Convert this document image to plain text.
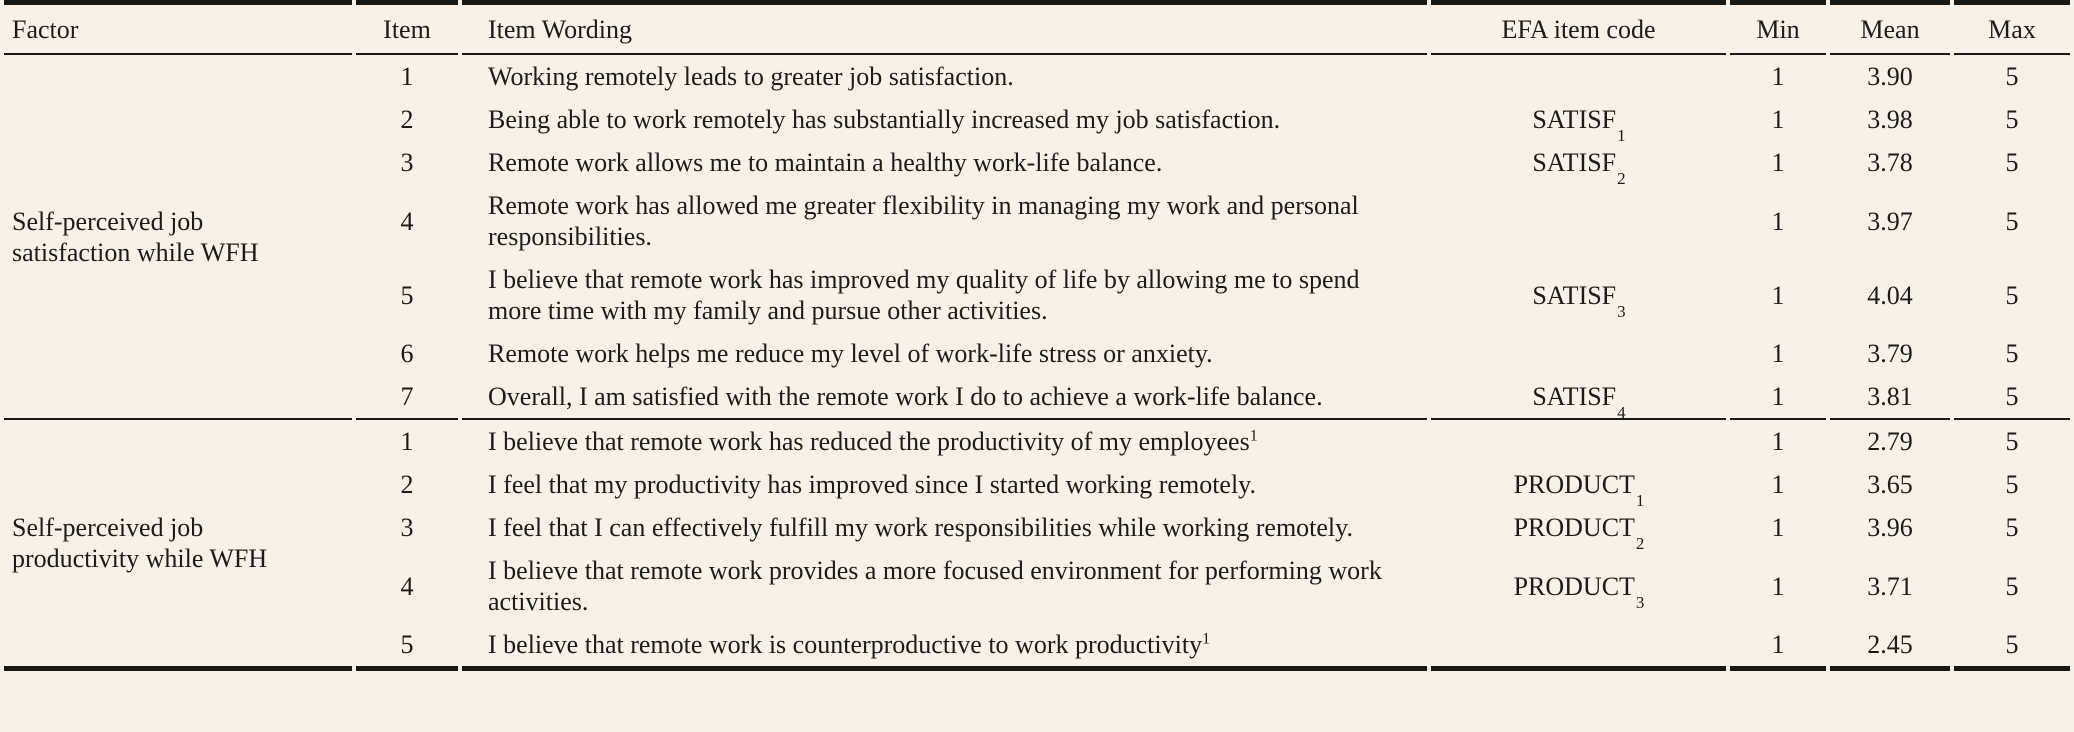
Factor	Item	Item Wording	EFA item code	Min	Mean	Max
Self-perceived job satisfaction while WFH	1	Working remotely leads to greater job satisfaction.		1	3.90	5
	2	Being able to work remotely has substantially increased my job satisfaction.	$SATISF_1$	1	3.98	5
	3	Remote work allows me to maintain a healthy work-life balance.	$SATISF_2$	1	3.78	5
	4	Remote work has allowed me greater flexibility in managing my work and personal responsibilities.		1	3.97	5
	5	I believe that remote work has improved my quality of life by allowing me to spend more time with my family and pursue other activities.	$SATISF_3$	1	4.04	5
	6	Remote work helps me reduce my level of work-life stress or anxiety.		1	3.79	5
	7	Overall, I am satisfied with the remote work I do to achieve a work-life balance.	$SATISF_4$	1	3.81	5
Self-perceived job productivity while WFH	1	I believe that remote work has reduced the productivity of my employees$^1$		1	2.79	5
	2	I feel that my productivity has improved since I started working remotely.	$PRODUCT_1$	1	3.65	5
	3	I feel that I can effectively fulfill my work responsibilities while working remotely.	$PRODUCT_2$	1	3.96	5
	4	I believe that remote work provides a more focused environment for performing work activities.	$PRODUCT_3$	1	3.71	5
	5	I believe that remote work is counterproductive to work productivity$^1$		1	2.45	5
